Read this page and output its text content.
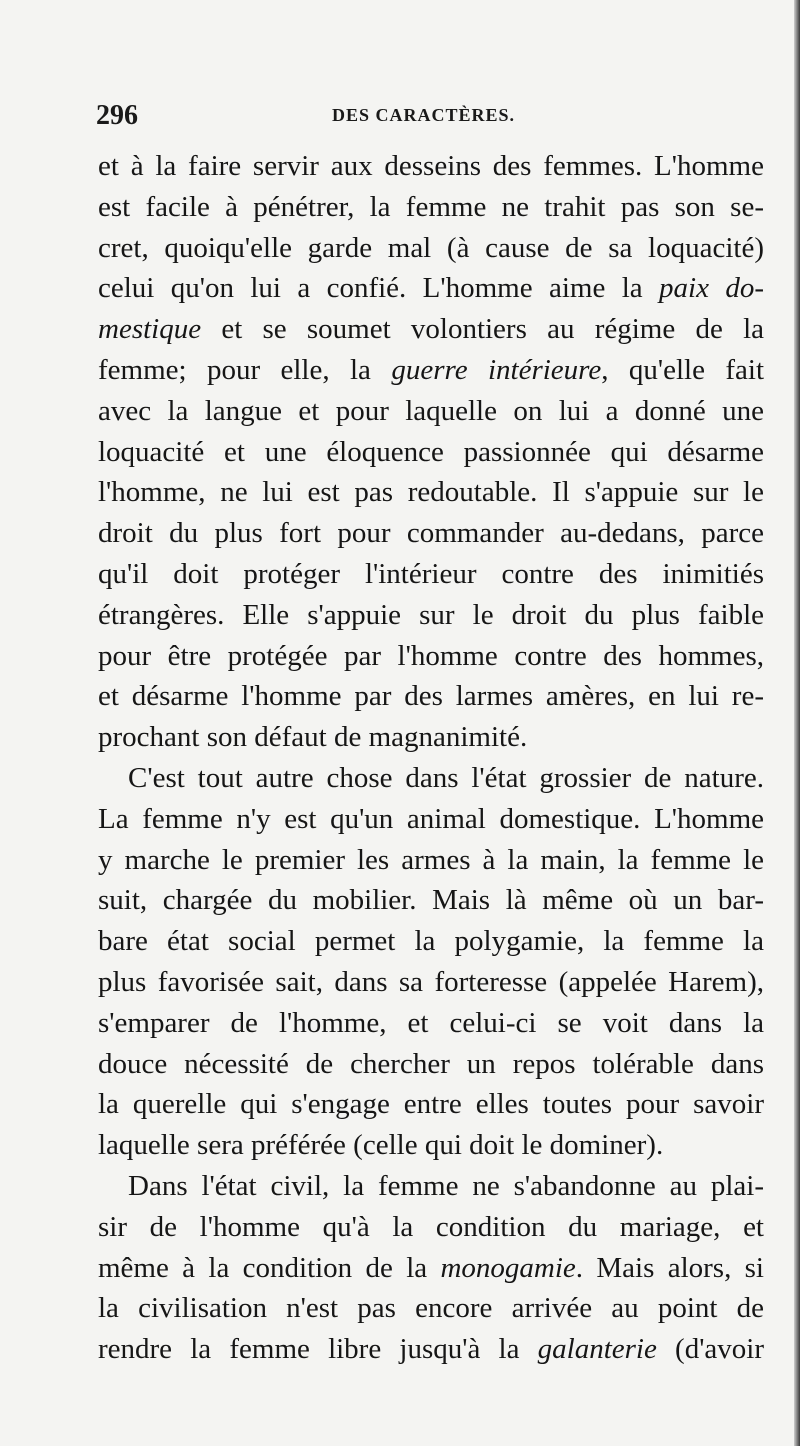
296	DES CARACTÈRES.
et à la faire servir aux desseins des femmes. L'homme
est facile à pénétrer, la femme ne trahit pas son se-
cret, quoiqu'elle garde mal (à cause de sa loquacité)
celui qu'on lui a confié. L'homme aime la paix do-
mestique et se soumet volontiers au régime de la
femme; pour elle, la guerre intérieure, qu'elle fait
avec la langue et pour laquelle on lui a donné une
loquacité et une éloquence passionnée qui désarme
l'homme, ne lui est pas redoutable. Il s'appuie sur le
droit du plus fort pour commander au-dedans, parce
qu'il doit protéger l'intérieur contre des inimitiés
étrangères. Elle s'appuie sur le droit du plus faible
pour être protégée par l'homme contre des hommes,
et désarme l'homme par des larmes amères, en lui re-
prochant son défaut de magnanimité.
C'est tout autre chose dans l'état grossier de nature.
La femme n'y est qu'un animal domestique. L'homme
y marche le premier les armes à la main, la femme le
suit, chargée du mobilier. Mais là même où un bar-
bare état social permet la polygamie, la femme la
plus favorisée sait, dans sa forteresse (appelée Harem),
s'emparer de l'homme, et celui-ci se voit dans la
douce nécessité de chercher un repos tolérable dans
la querelle qui s'engage entre elles toutes pour savoir
laquelle sera préférée (celle qui doit le dominer).
Dans l'état civil, la femme ne s'abandonne au plai-
sir de l'homme qu'à la condition du mariage, et
même à la condition de la monogamie. Mais alors, si
la civilisation n'est pas encore arrivée au point de
rendre la femme libre jusqu'à la galanterie (d'avoir
